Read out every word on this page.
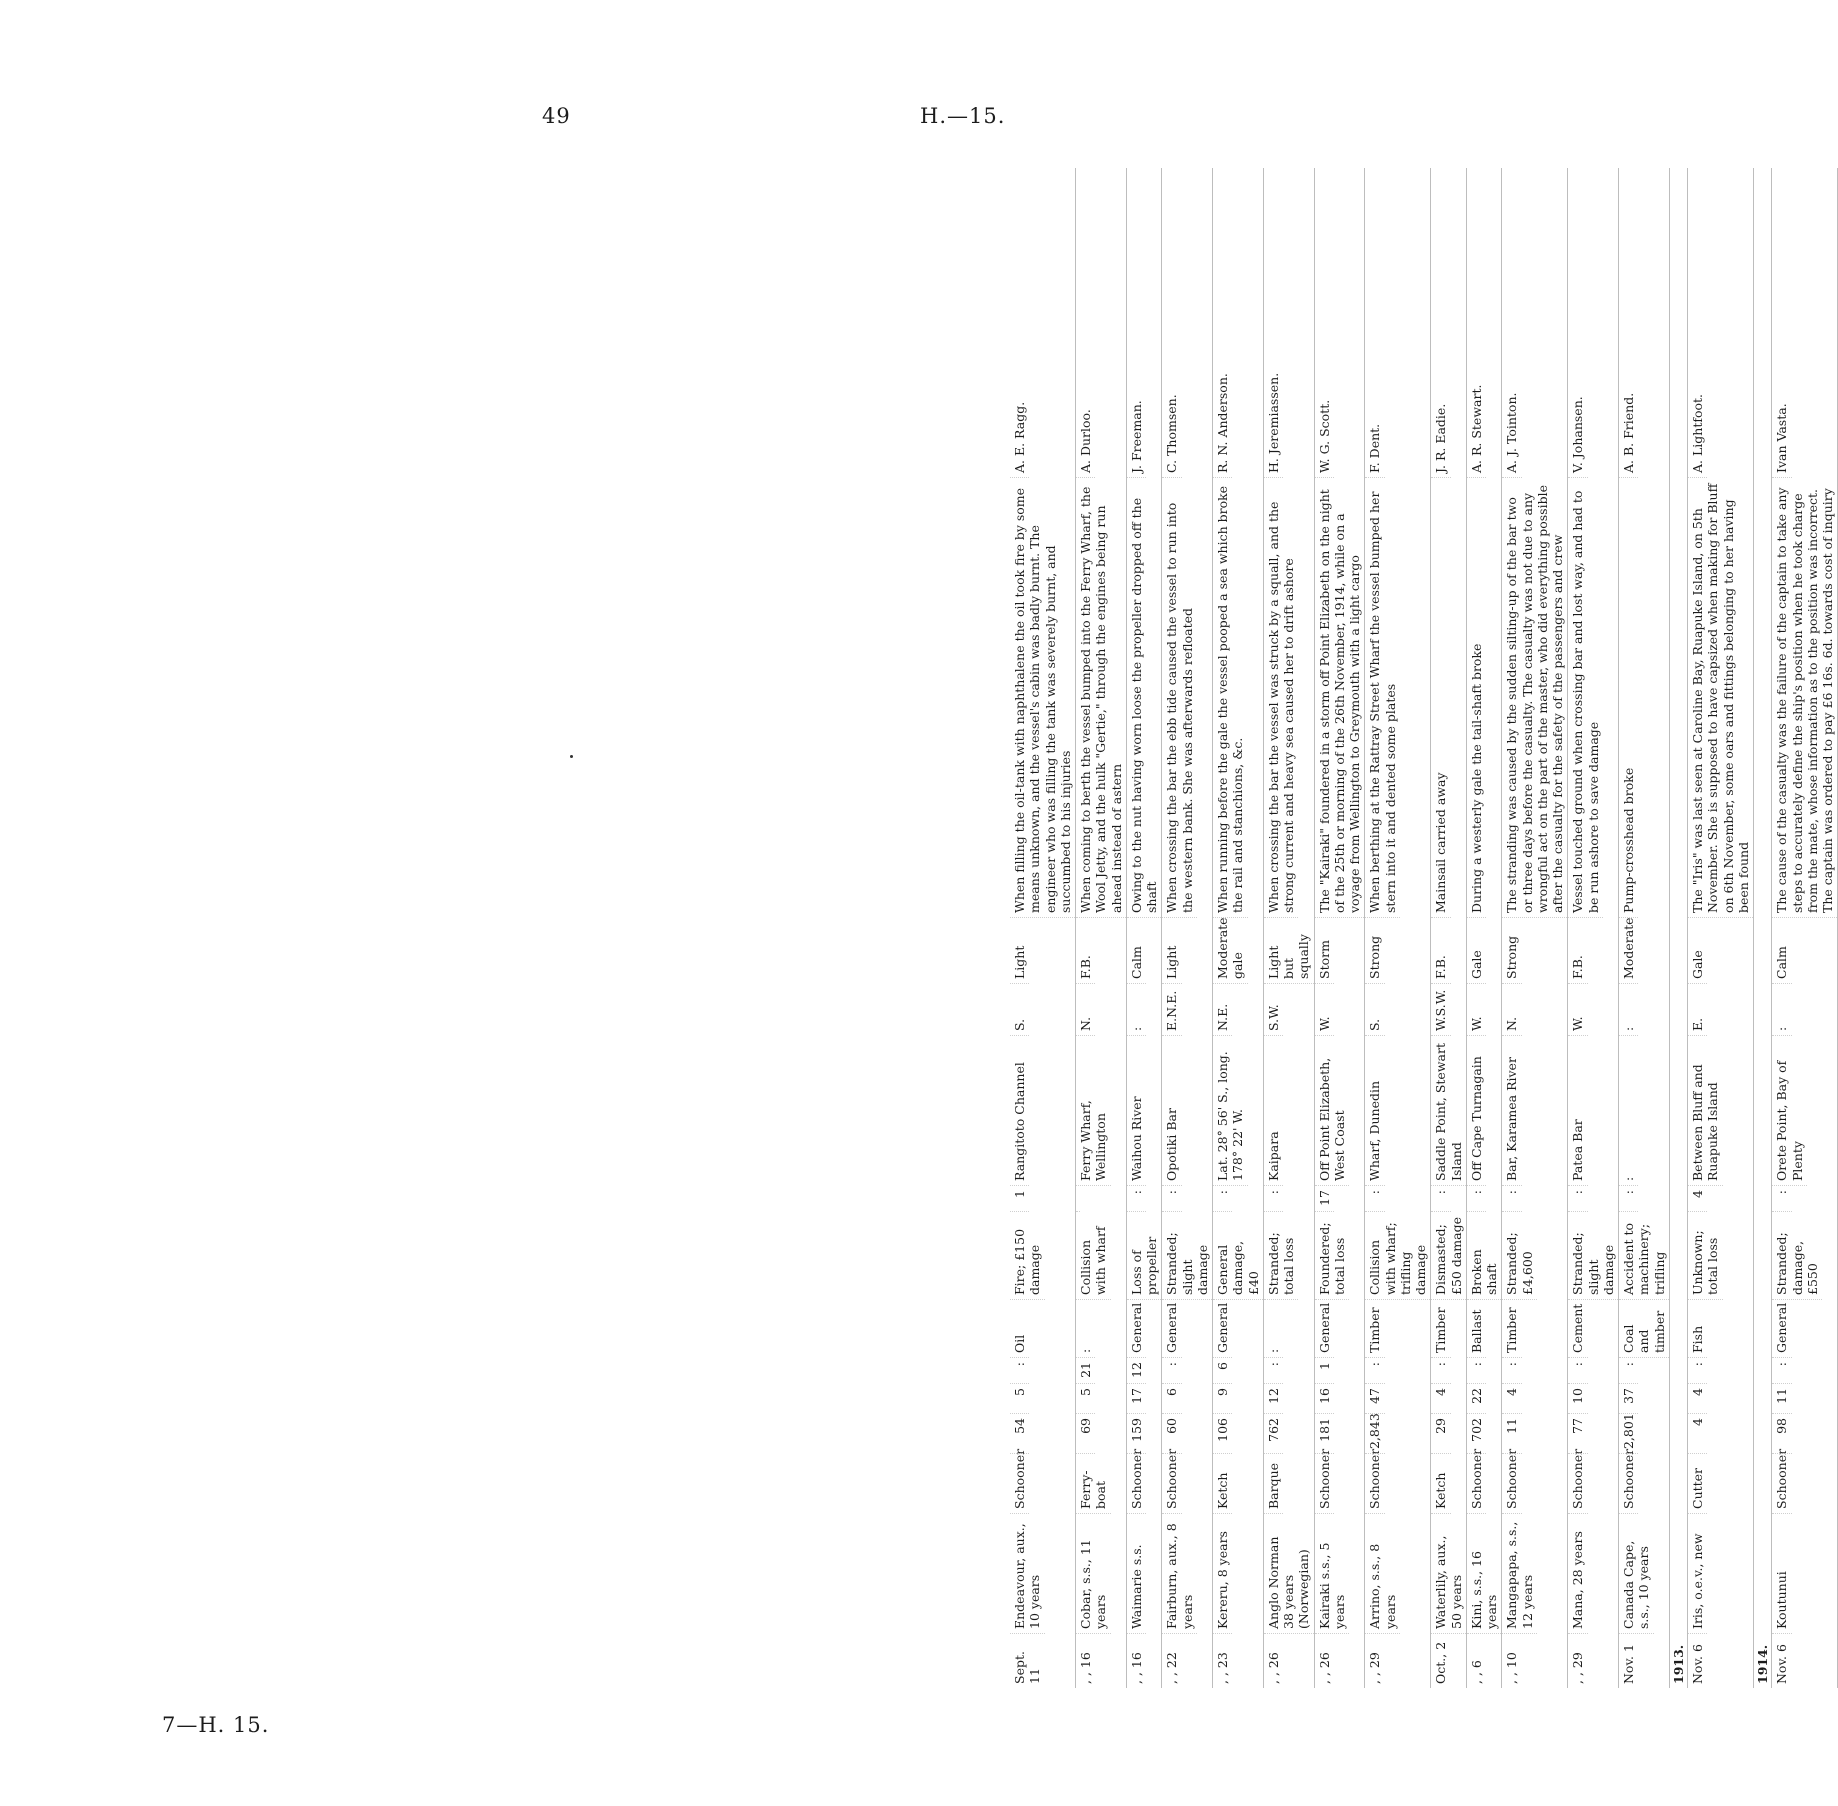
49	H.—15.
Sept. 11
Endeavour, aux., 10 years
Schooner
54
5
:
Oil
Fire; £150 damage
1
Rangitoto Channel
S.
Light
When filling the oil-tank with naphthalene the oil took fire by some means unknown, and the vessel's cabin was badly burnt. The engineer who was filling the tank was severely burnt, and succumbed to his injuries
A. E. Ragg.
, , 16
Cobar, s.s., 11 years
Ferry-boat
69
5
21
:
Collision with wharf
Ferry Wharf, Wellington
N.
F.B.
When coming to berth the vessel bumped into the Ferry Wharf, the Wool Jetty, and the hulk "Gertie," through the engines being run ahead instead of astern
A. Durloo.
, , 16
Waimarie s.s.
Schooner
159
17
12
General
Loss of propeller
:
Waihou River
:
Calm
Owing to the nut having worn loose the propeller dropped off the shaft
J. Freeman.
, , 22
Fairburn, aux., 8 years
Schooner
60
6
:
General
Stranded; slight damage
:
Opotiki Bar
E.N.E.
Light
When crossing the bar the ebb tide caused the vessel to run into the western bank. She was afterwards refloated
C. Thomsen.
, , 23
Kereru, 8 years
Ketch
106
9
6
General
General damage, £40
:
Lat. 28° 56' S., long. 178° 22' W.
N.E.
Moderate gale
When running before the gale the vessel pooped a sea which broke the rail and stanchions, &c.
R. N. Anderson.
, , 26
Anglo Norman 38 years (Norwegian)
Barque
762
12
:
:
Stranded; total loss
:
Kaipara
S.W.
Light but squally
When crossing the bar the vessel was struck by a squall, and the strong current and heavy sea caused her to drift ashore
H. Jeremiassen.
, , 26
Kairaki s.s., 5 years
Schooner
181
16
1
General
Foundered; total loss
17
Off Point Elizabeth, West Coast
W.
Storm
The "Kairaki" foundered in a storm off Point Elizabeth on the night of the 25th or morning of the 26th November, 1914, while on a voyage from Wellington to Greymouth with a light cargo
W. G. Scott.
, , 29
Arrino, s.s., 8 years
Schooner
2,843
47
:
Timber
Collision with wharf; trifling damage
:
Wharf, Dunedin
S.
Strong
When berthing at the Rattray Street Wharf the vessel bumped her stern into it and dented some plates
F. Dent.
Oct., 2
Waterlily, aux., 50 years
Ketch
29
4
:
Timber
Dismasted; £50 damage
:
Saddle Point, Stewart Island
W.S.W.
F.B.
Mainsail carried away
J. R. Eadie.
, , 6
Kini, s.s., 16 years
Schooner
702
22
:
Ballast
Broken shaft
:
Off Cape Turnagain
W.
Gale
During a westerly gale the tail-shaft broke
A. R. Stewart.
, , 10
Mangapapa, s.s., 12 years
Schooner
11
4
:
Timber
Stranded; £4,600
:
Bar, Karamea River
N.
Strong
The stranding was caused by the sudden silting-up of the bar two or three days before the casualty. The casualty was not due to any wrongful act on the part of the master, who did everything possible after the casualty for the safety of the passengers and crew
A. J. Tointon.
, , 29
Mana, 28 years
Schooner
77
10
:
Cement
Stranded; slight damage
:
Patea Bar
W.
F.B.
Vessel touched ground when crossing bar and lost way, and had to be run ashore to save damage
V. Johansen.
Nov. 1
Canada Cape, s.s., 10 years
Schooner
2,801
37
:
Coal and timber
Accident to machinery; trifling
:
:
:
Moderate
Pump-crosshead broke
A. B. Friend.
1913. Nov. 6
Iris, o.e.v., new
Cutter
4
4
:
Fish
Unknown; total loss
4
Between Bluff and Ruapuke Island
E.
Gale
The "Iris" was last seen at Caroline Bay, Ruapuke Island, on 5th November. She is supposed to have capsized when making for Bluff on 6th November, some oars and fittings belonging to her having been found
A. Lightfoot.
1914. Nov. 6
Koutunui
Schooner
98
11
:
General
Stranded; damage, £550
:
Orete Point, Bay of Plenty
:
Calm
The cause of the casualty was the failure of the captain to take any steps to accurately define the ship's position when he took charge from the mate, whose information as to the position was incorrect. The captain was ordered to pay £6 16s. 6d. towards cost of inquiry
Ivan Vasta.
7—H. 15.
